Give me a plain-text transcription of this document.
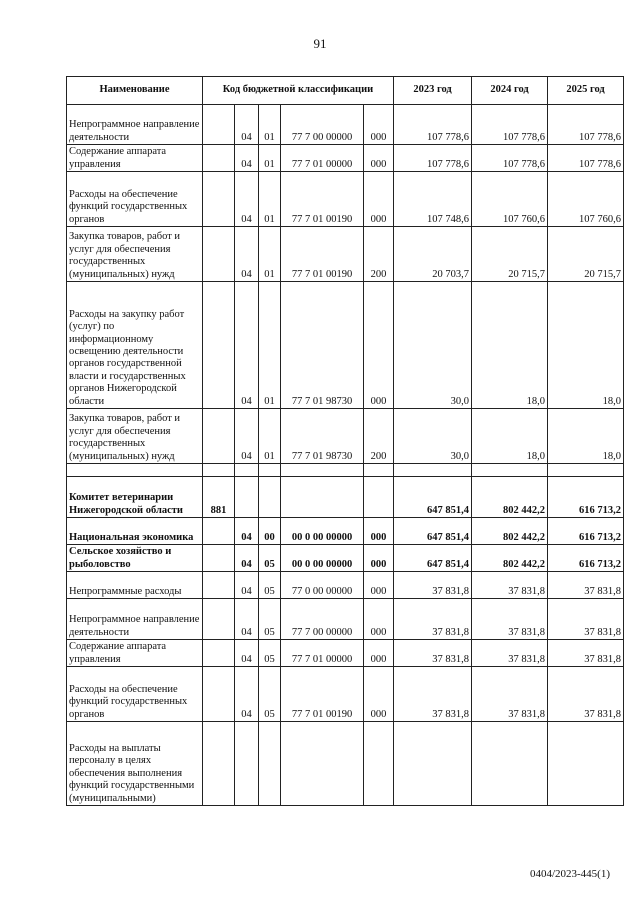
91
Наименование	Код бюджетной классификации					2023 год	2024 год	2025 год
Непрограммное направление деятельности		04	01	77 7 00 00000	000	107 778,6	107 778,6	107 778,6
Содержание аппарата управления		04	01	77 7 01 00000	000	107 778,6	107 778,6	107 778,6
Расходы на обеспечение функций государственных органов		04	01	77 7 01 00190	000	107 748,6	107 760,6	107 760,6
Закупка товаров, работ и услуг для обеспечения государственных (муниципальных) нужд		04	01	77 7 01 00190	200	20 703,7	20 715,7	20 715,7
Расходы на закупку работ (услуг) по информационному освещению деятельности органов государственной власти и государственных органов Нижегородской области		04	01	77 7 01 98730	000	30,0	18,0	18,0
Закупка товаров, работ и услуг для обеспечения государственных (муниципальных) нужд		04	01	77 7 01 98730	200	30,0	18,0	18,0

Комитет ветеринарии Нижегородской области	881					647 851,4	802 442,2	616 713,2
Национальная экономика		04	00	00 0 00 00000	000	647 851,4	802 442,2	616 713,2
Сельское хозяйство и рыболовство		04	05	00 0 00 00000	000	647 851,4	802 442,2	616 713,2
Непрограммные расходы		04	05	77 0 00 00000	000	37 831,8	37 831,8	37 831,8
Непрограммное направление деятельности		04	05	77 7 00 00000	000	37 831,8	37 831,8	37 831,8
Содержание аппарата управления		04	05	77 7 01 00000	000	37 831,8	37 831,8	37 831,8
Расходы на обеспечение функций государственных органов		04	05	77 7 01 00190	000	37 831,8	37 831,8	37 831,8
Расходы на выплаты персоналу в целях обеспечения выполнения функций государственными (муниципальными)								
0404/2023-445(1)
